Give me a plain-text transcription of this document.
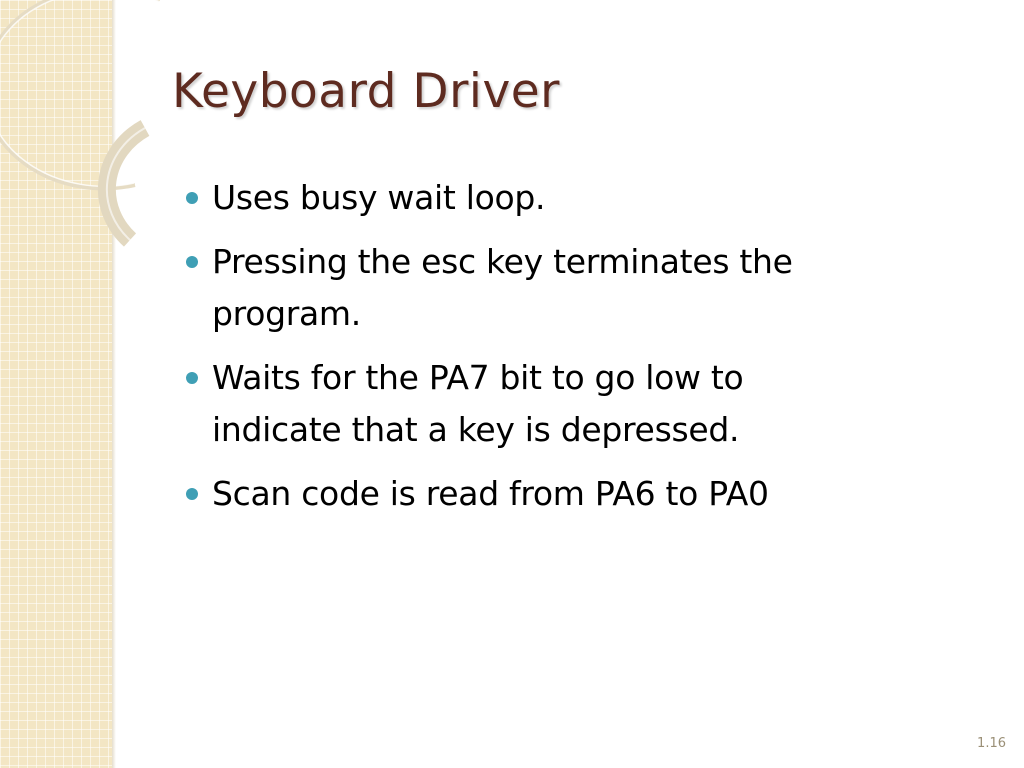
Keyboard Driver
Uses busy wait loop.
Pressing the esc key terminates the program.
Waits for the PA7 bit to go low to indicate that a key is depressed.
Scan code is read from PA6 to PA0
1.16
